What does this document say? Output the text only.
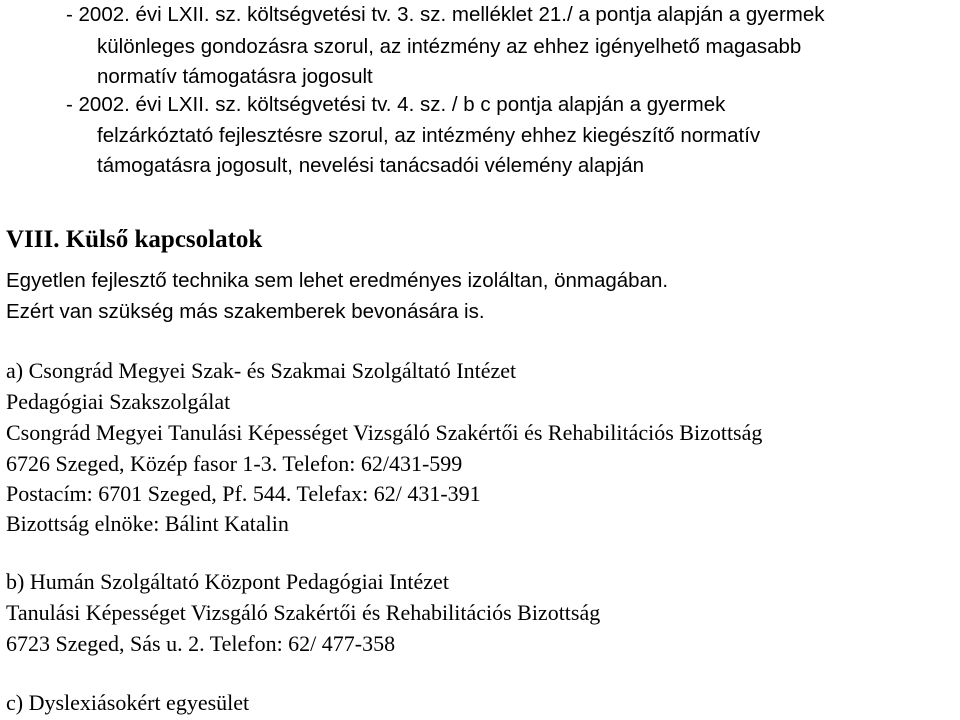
- 2002. évi LXII. sz. költségvetési tv. 3. sz. melléklet 21./ a pontja alapján a gyermek
különleges gondozásra szorul, az intézmény az ehhez igényelhető magasabb
normatív támogatásra jogosult
- 2002. évi LXII. sz. költségvetési tv. 4. sz. / b c pontja alapján a gyermek
felzárkóztató fejlesztésre szorul, az intézmény ehhez kiegészítő normatív
támogatásra jogosult, nevelési tanácsadói vélemény alapján
VIII. Külső kapcsolatok
Egyetlen fejlesztő technika sem lehet eredményes izoláltan, önmagában.
Ezért van szükség más szakemberek bevonására is.
a) Csongrád Megyei Szak- és Szakmai Szolgáltató Intézet
Pedagógiai Szakszolgálat
Csongrád Megyei Tanulási Képességet Vizsgáló Szakértői és Rehabilitációs Bizottság
6726 Szeged, Közép fasor 1-3. Telefon: 62/431-599
Postacím: 6701 Szeged, Pf. 544. Telefax: 62/ 431-391
Bizottság elnöke: Bálint Katalin
b) Humán Szolgáltató Központ Pedagógiai Intézet
Tanulási Képességet Vizsgáló Szakértői és Rehabilitációs Bizottság
6723 Szeged, Sás u. 2. Telefon: 62/ 477-358
c) Dyslexiásokért egyesület
